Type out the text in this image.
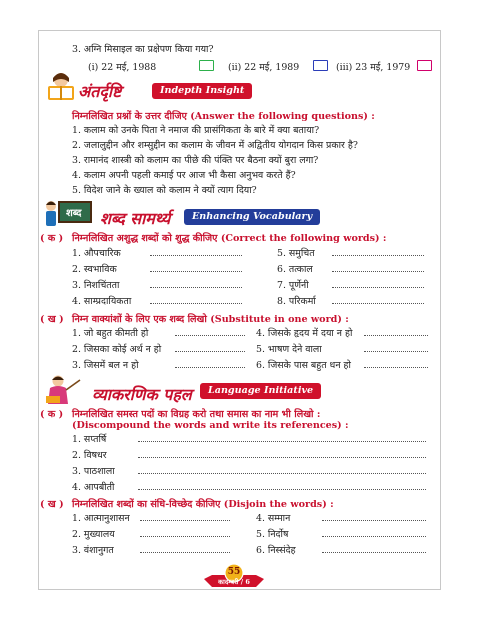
3. अग्नि मिसाइल का प्रक्षेपण किया गया?
(i) 22 मई, 1988	(ii) 22 मई, 1989	(iii) 23 मई, 1979
अंतर्दृष्टि	Indepth Insight
निम्नलिखित प्रश्नों के उत्तर दीजिए (Answer the following questions) :
1. कलाम को उनके पिता ने नमाज की प्रासंगिकता के बारे में क्या बताया?
2. जलालुद्दीन और शम्सुद्दीन का कलाम के जीवन में अद्वितीय योगदान किस प्रकार है?
3. रामानंद शास्त्री को कलाम का पीछे की पंक्ति पर बैठना क्यों बुरा लगा?
4. कलाम अपनी पहली कमाई पर आज भी कैसा अनुभव करते हैं?
5. विदेश जाने के ख्याल को कलाम ने क्यों त्याग दिया?
शब्द शब्द सामर्थ्य	Enhancing Vocabulary
( क ) निम्नलिखित अशुद्ध शब्दों को शुद्ध कीजिए (Correct the following words) :
1. औपचारिक
2. स्वभाविक
3. निशचिंतता
4. साम्प्रदायिकता
5. समुचित
6. तत्काल
7. पूर्णेनी
8. परिकर्मा
( ख ) निम्न वाक्यांशों के लिए एक शब्द लिखो (Substitute in one word) :
1. जो बहुत कीमती हो
2. जिसका कोई अर्थ न हो
3. जिसमें बल न हो
4. जिसके हृदय में दया न हो
5. भाषण देने वाला
6. जिसके पास बहुत धन हो
व्याकरणिक पहल	Language Initiative
( क ) निम्नलिखित समस्त पदों का विग्रह करो तथा समास का नाम भी लिखो :
(Discompound the words and write its references) :
1. सप्तर्षि
2. विषधर
3. पाठशाला
4. आपबीती
( ख ) निम्नलिखित शब्दों का संधि-विच्छेद कीजिए (Disjoin the words) :
1. आत्मानुशासन
2. मुख्यालय
3. वंशानुगत
4. सम्मान
5. निर्दोष
6. निस्संदेह
55
कादम्बरी / 6
